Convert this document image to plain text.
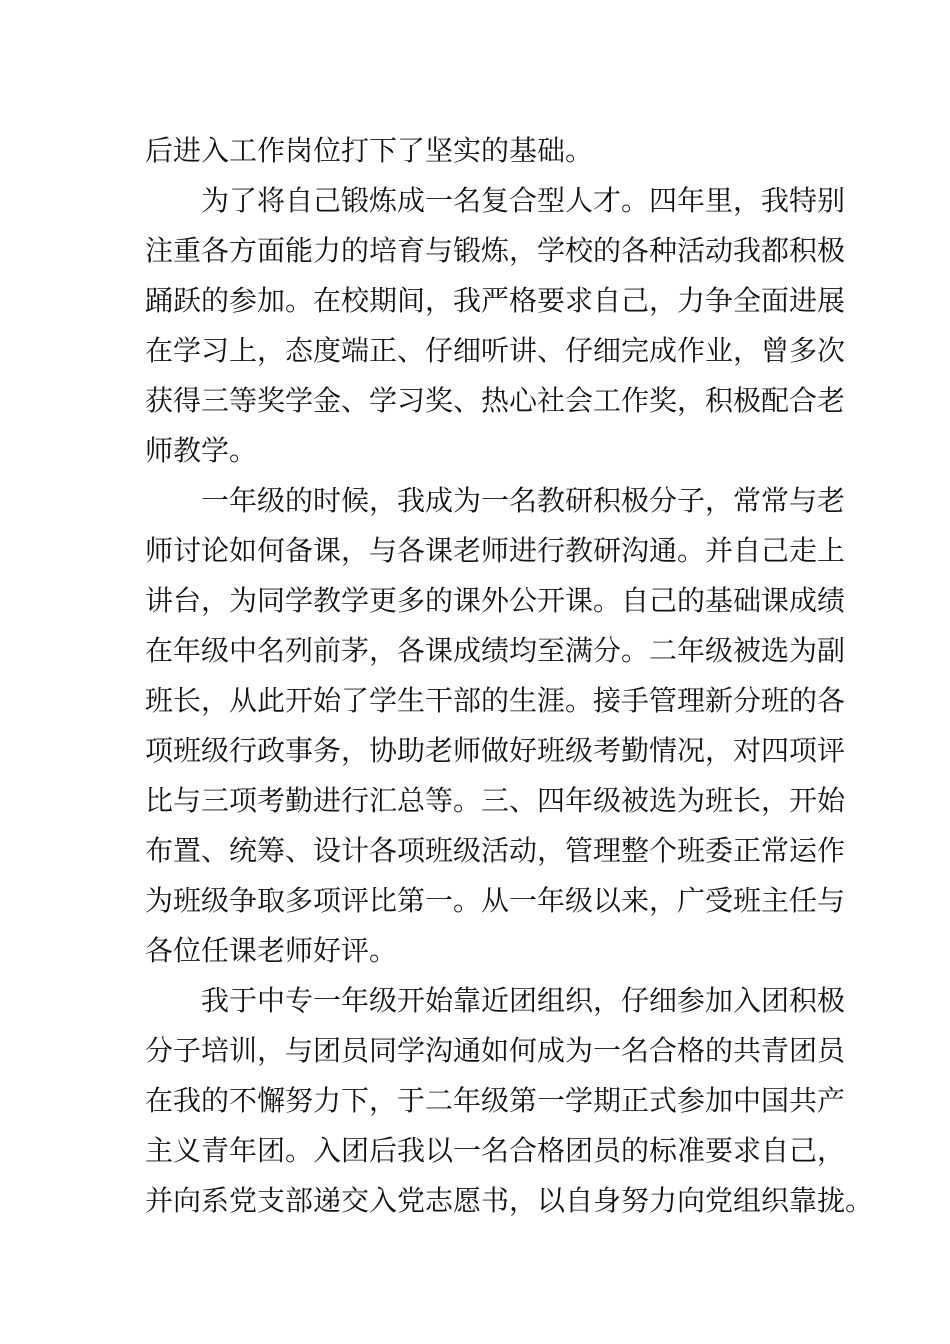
后进入工作岗位打下了坚实的基础。
为了将自己锻炼成一名复合型人才。四年里，我特别
注重各方面能力的培育与锻炼，学校的各种活动我都积极
踊跃的参加。在校期间，我严格要求自己，力争全面进展
在学习上，态度端正、仔细听讲、仔细完成作业，曾多次
获得三等奖学金、学习奖、热心社会工作奖，积极配合老
师教学。
一年级的时候，我成为一名教研积极分子，常常与老
师讨论如何备课，与各课老师进行教研沟通。并自己走上
讲台，为同学教学更多的课外公开课。自己的基础课成绩
在年级中名列前茅，各课成绩均至满分。二年级被选为副
班长，从此开始了学生干部的生涯。接手管理新分班的各
项班级行政事务，协助老师做好班级考勤情况，对四项评
比与三项考勤进行汇总等。三、四年级被选为班长，开始
布置、统筹、设计各项班级活动，管理整个班委正常运作
为班级争取多项评比第一。从一年级以来，广受班主任与
各位任课老师好评。
我于中专一年级开始靠近团组织，仔细参加入团积极
分子培训，与团员同学沟通如何成为一名合格的共青团员
在我的不懈努力下，于二年级第一学期正式参加中国共产
主义青年团。入团后我以一名合格团员的标准要求自己，
并向系党支部递交入党志愿书，以自身努力向党组织靠拢。
